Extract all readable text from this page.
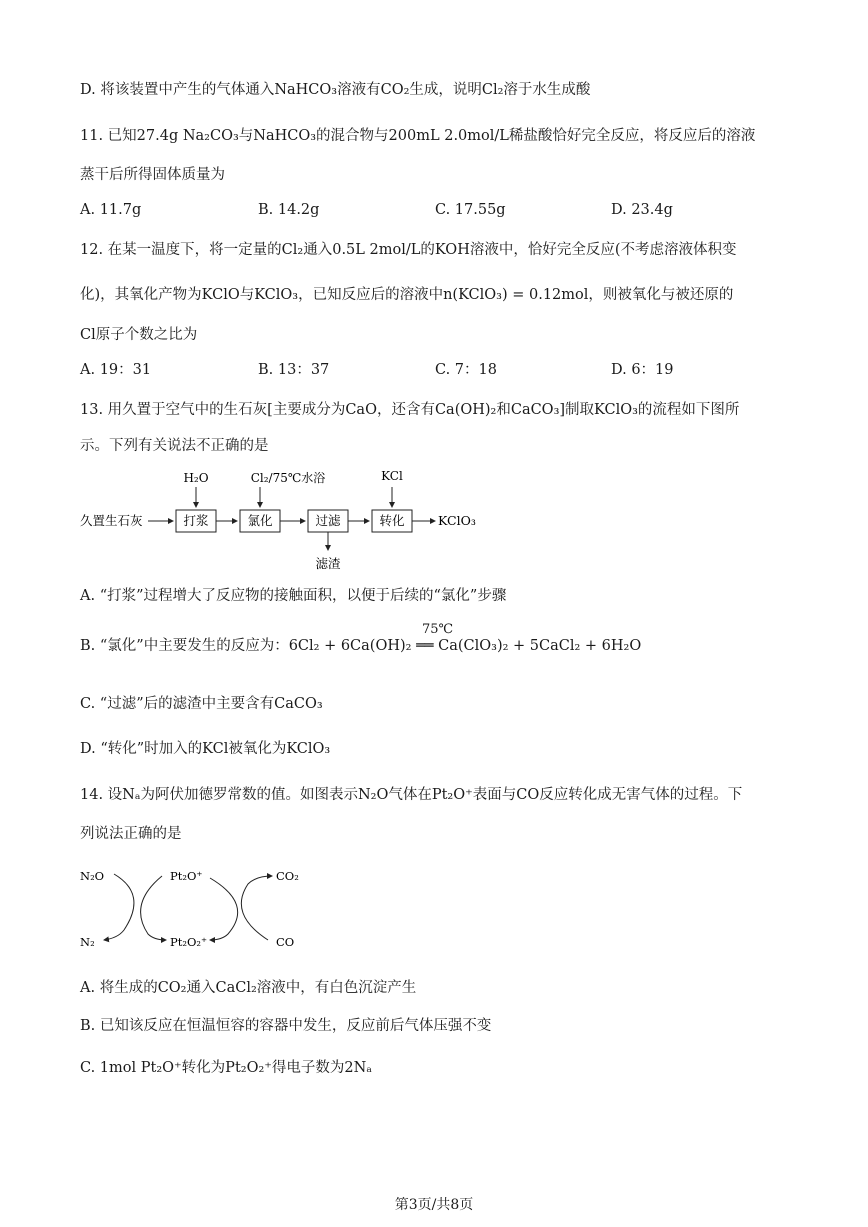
D. 将该装置中产生的气体通入NaHCO₃溶液有CO₂生成，说明Cl₂溶于水生成酸
11. 已知27.4g Na₂CO₃与NaHCO₃的混合物与200mL 2.0mol/L稀盐酸恰好完全反应，将反应后的溶液
蒸干后所得固体质量为
A. 11.7g	B. 14.2g	C. 17.55g	D. 23.4g
12. 在某一温度下，将一定量的Cl₂通入0.5L 2mol/L的KOH溶液中，恰好完全反应(不考虑溶液体积变
化)，其氧化产物为KClO与KClO₃，已知反应后的溶液中n(KClO₃) = 0.12mol，则被氧化与被还原的
Cl原子个数之比为
A. 19：31	B. 13：37	C. 7：18	D. 6：19
13. 用久置于空气中的生石灰[主要成分为CaO，还含有Ca(OH)₂和CaCO₃]制取KClO₃的流程如下图所
示。下列有关说法不正确的是
久置生石灰	打浆	氯化	过滤	转化	KClO₃
H₂O	Cl₂/75℃水浴	KCl
滤渣
A. “打浆”过程增大了反应物的接触面积，以便于后续的“氯化”步骤
B. “氯化”中主要发生的反应为：6Cl₂ + 6Ca(OH)₂ ══ Ca(ClO₃)₂ + 5CaCl₂ + 6H₂O
75℃
C. “过滤”后的滤渣中主要含有CaCO₃
D. “转化”时加入的KCl被氧化为KClO₃
14. 设Nₐ为阿伏加德罗常数的值。如图表示N₂O气体在Pt₂O⁺表面与CO反应转化成无害气体的过程。下
列说法正确的是
N₂O
N₂
Pt₂O⁺
Pt₂O₂⁺
CO₂
CO
A. 将生成的CO₂通入CaCl₂溶液中，有白色沉淀产生
B. 已知该反应在恒温恒容的容器中发生，反应前后气体压强不变
C. 1mol Pt₂O⁺转化为Pt₂O₂⁺得电子数为2Nₐ
第3页/共8页
